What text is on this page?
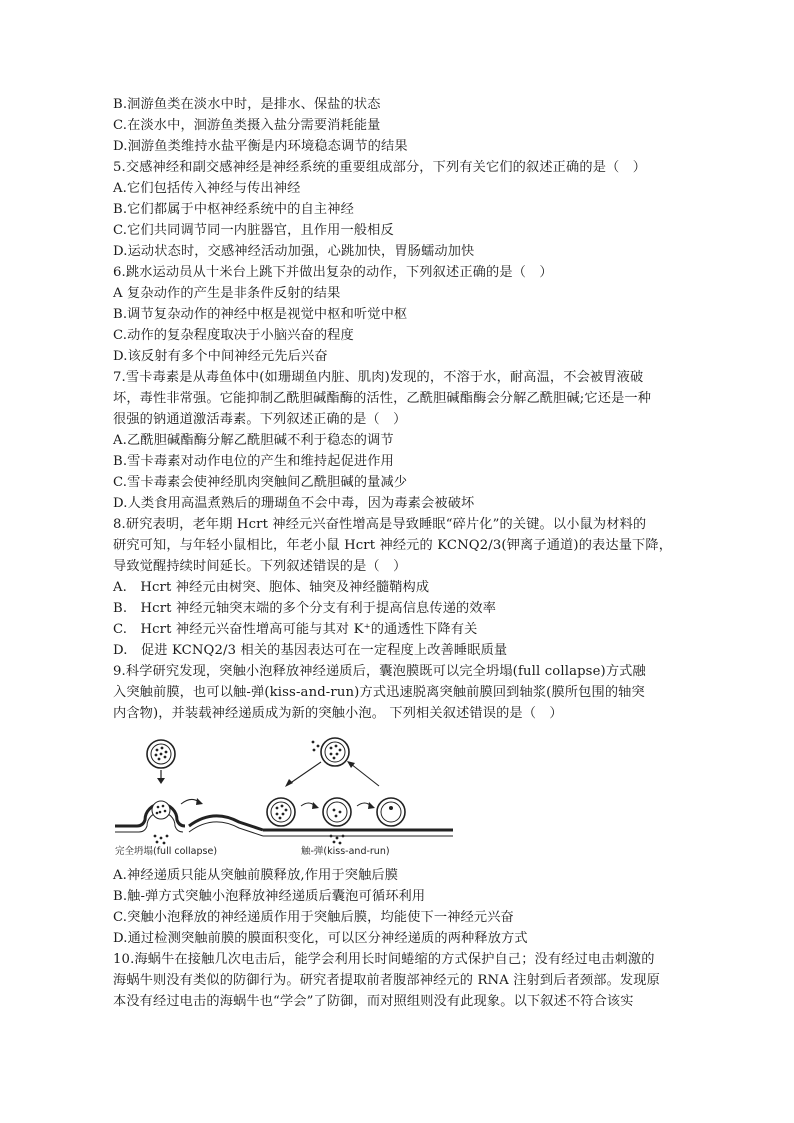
B.洄游鱼类在淡水中时，是排水、保盐的状态
C.在淡水中，洄游鱼类摄入盐分需要消耗能量
D.洄游鱼类维持水盐平衡是内环境稳态调节的结果
5.交感神经和副交感神经是神经系统的重要组成部分，下列有关它们的叙述正确的是（　）
A.它们包括传入神经与传出神经
B.它们都属于中枢神经系统中的自主神经
C.它们共同调节同一内脏器官，且作用一般相反
D.运动状态时，交感神经活动加强，心跳加快，胃肠蠕动加快
6.跳水运动员从十米台上跳下并做出复杂的动作，下列叙述正确的是（　）
A 复杂动作的产生是非条件反射的结果
B.调节复杂动作的神经中枢是视觉中枢和听觉中枢
C.动作的复杂程度取决于小脑兴奋的程度
D.该反射有多个中间神经元先后兴奋
7.雪卡毒素是从毒鱼体中(如珊瑚鱼内脏、肌肉)发现的，不溶于水，耐高温，不会被胃液破
坏，毒性非常强。它能抑制乙酰胆碱酯酶的活性，乙酰胆碱酯酶会分解乙酰胆碱;它还是一种
很强的钠通道激活毒素。下列叙述正确的是（　）
A.乙酰胆碱酯酶分解乙酰胆碱不利于稳态的调节
B.雪卡毒素对动作电位的产生和维持起促进作用
C.雪卡毒素会使神经肌肉突触间乙酰胆碱的量减少
D.人类食用高温煮熟后的珊瑚鱼不会中毒，因为毒素会被破坏
8.研究表明，老年期 Hcrt 神经元兴奋性增高是导致睡眠“碎片化”的关键。以小鼠为材料的
研究可知，与年轻小鼠相比，年老小鼠 Hcrt 神经元的 KCNQ2/3(钾离子通道)的表达量下降，
导致觉醒持续时间延长。下列叙述错误的是（　）
A.　Hcrt 神经元由树突、胞体、轴突及神经髓鞘构成
B.　Hcrt 神经元轴突末端的多个分支有利于提高信息传递的效率
C.　Hcrt 神经元兴奋性增高可能与其对 K⁺的通透性下降有关
D.　促进 KCNQ2/3 相关的基因表达可在一定程度上改善睡眠质量
9.科学研究发现，突触小泡释放神经递质后，囊泡膜既可以完全坍塌(full collapse)方式融
入突触前膜，也可以触-弹(kiss-and-run)方式迅速脱离突触前膜回到轴浆(膜所包围的轴突
内含物)，并装载神经递质成为新的突触小泡。 下列相关叙述错误的是（　）
完全坍塌(full collapse)	触-弹(kiss-and-run)
A.神经递质只能从突触前膜释放,作用于突触后膜
B.触-弹方式突触小泡释放神经递质后囊泡可循环利用
C.突触小泡释放的神经递质作用于突触后膜，均能使下一神经元兴奋
D.通过检测突触前膜的膜面积变化，可以区分神经递质的两种释放方式
10.海蜗牛在接触几次电击后，能学会利用长时间蜷缩的方式保护自己；没有经过电击刺激的
海蜗牛则没有类似的防御行为。研究者提取前者腹部神经元的 RNA 注射到后者颈部。发现原
本没有经过电击的海蜗牛也“学会”了防御，而对照组则没有此现象。以下叙述不符合该实
